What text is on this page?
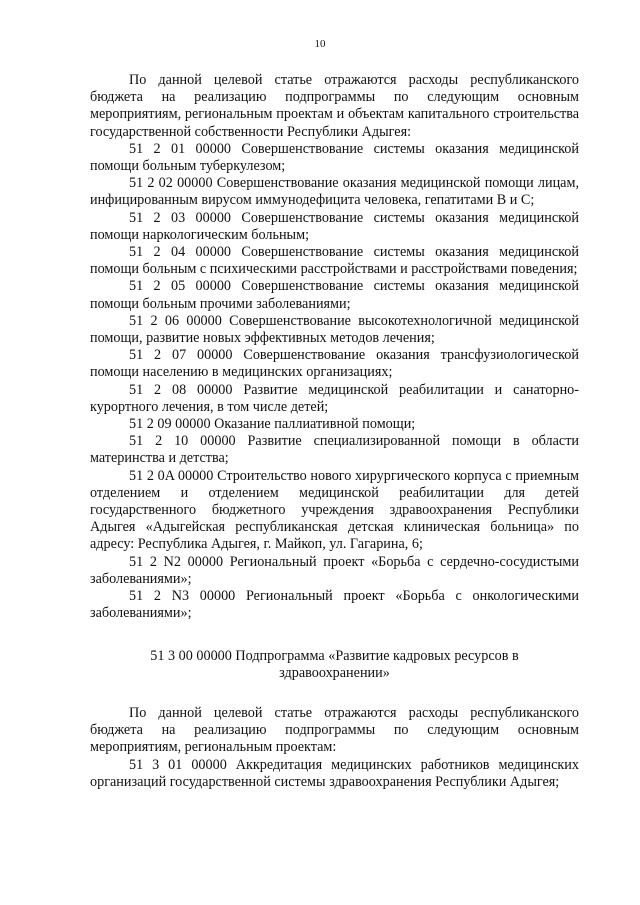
10

По данной целевой статье отражаются расходы республиканского бюджета на реализацию подпрограммы по следующим основным мероприятиям, региональным проектам и объектам капитального строительства государственной собственности Республики Адыгея:

51 2 01 00000 Совершенствование системы оказания медицинской помощи больным туберкулезом;

51 2 02 00000 Совершенствование оказания медицинской помощи лицам, инфицированным вирусом иммунодефицита человека, гепатитами B и C;

51 2 03 00000 Совершенствование системы оказания медицинской помощи наркологическим больным;

51 2 04 00000 Совершенствование системы оказания медицинской помощи больным с психическими расстройствами и расстройствами поведения;

51 2 05 00000 Совершенствование системы оказания медицинской помощи больным прочими заболеваниями;

51 2 06 00000 Совершенствование высокотехнологичной медицинской помощи, развитие новых эффективных методов лечения;

51 2 07 00000 Совершенствование оказания трансфузиологической помощи населению в медицинских организациях;

51 2 08 00000 Развитие медицинской реабилитации и санаторно-курортного лечения, в том числе детей;

51 2 09 00000 Оказание паллиативной помощи;

51 2 10 00000 Развитие специализированной помощи в области материнства и детства;

51 2 0A 00000 Строительство нового хирургического корпуса с приемным отделением и отделением медицинской реабилитации для детей государственного бюджетного учреждения здравоохранения Республики Адыгея «Адыгейская республиканская детская клиническая больница» по адресу: Республика Адыгея, г. Майкоп, ул. Гагарина, 6;

51 2 N2 00000 Региональный проект «Борьба с сердечно-сосудистыми заболеваниями»;

51 2 N3 00000 Региональный проект «Борьба с онкологическими заболеваниями»;

51 3 00 00000 Подпрограмма «Развитие кадровых ресурсов в здравоохранении»

По данной целевой статье отражаются расходы республиканского бюджета на реализацию подпрограммы по следующим основным мероприятиям, региональным проектам:

51 3 01 00000 Аккредитация медицинских работников медицинских организаций государственной системы здравоохранения Республики Адыгея;
